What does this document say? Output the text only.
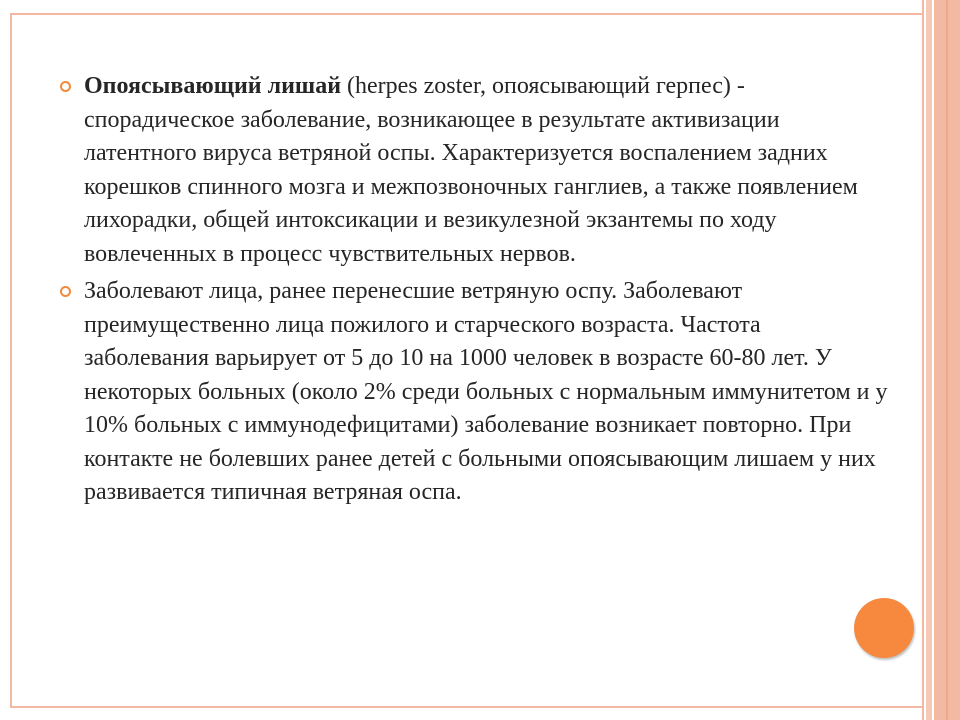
Опоясывающий лишай (herpes zoster, опоясывающий герпес) - спорадическое заболевание, возникающее в результате активизации латентного вируса ветряной оспы. Характеризуется воспалением задних корешков спинного мозга и межпозвоночных ганглиев, а также появлением лихорадки, общей интоксикации и везикулезной экзантемы по ходу вовлеченных в процесс чувствительных нервов.

Заболевают лица, ранее перенесшие ветряную оспу. Заболевают преимущественно лица пожилого и старческого возраста. Частота заболевания варьирует от 5 до 10 на 1000 человек в возрасте 60-80 лет. У некоторых больных (около 2% среди больных с нормальным иммунитетом и у 10% больных с иммунодефицитами) заболевание возникает повторно. При контакте не болевших ранее детей с больными опоясывающим лишаем у них развивается типичная ветряная оспа.
